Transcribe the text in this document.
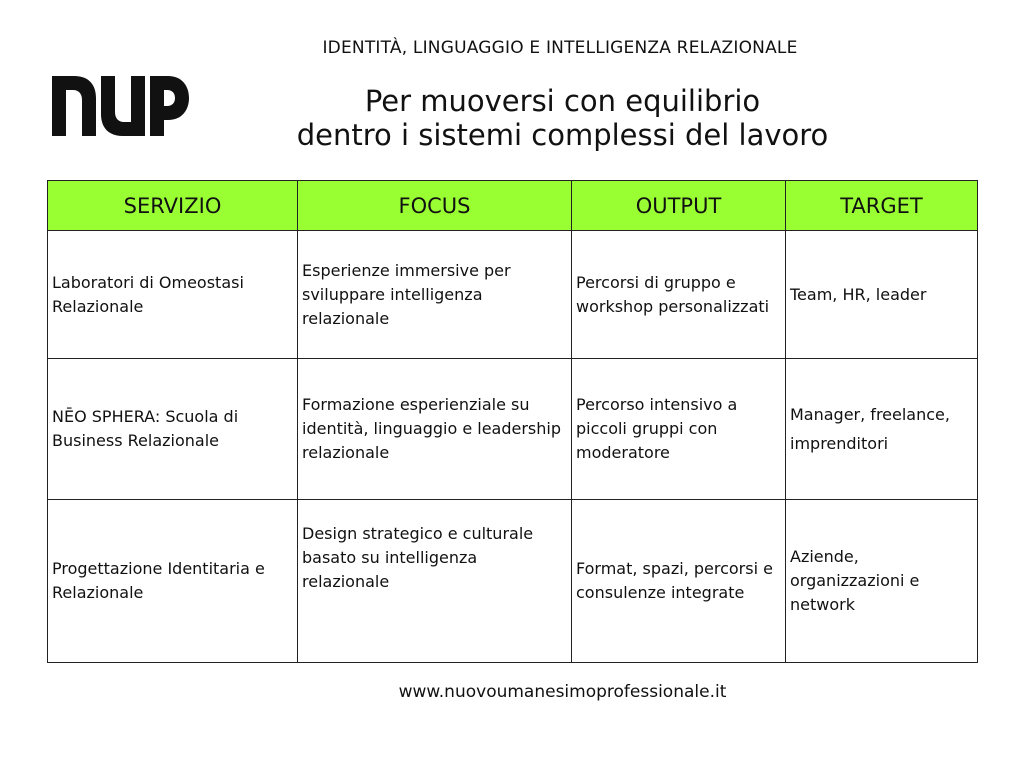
IDENTITÀ, LINGUAGGIO E INTELLIGENZA RELAZIONALE
Per muoversi con equilibrio
dentro i sistemi complessi del lavoro
SERVIZIO	FOCUS	OUTPUT	TARGET
Laboratori di Omeostasi Relazionale	Esperienze immersive per sviluppare intelligenza relazionale	Percorsi di gruppo e workshop personalizzati	Team, HR, leader
NĒO SPHERA: Scuola di Business Relazionale	Formazione esperienziale su identità, linguaggio e leadership relazionale	Percorso intensivo a piccoli gruppi con moderatore	Manager, freelance, imprenditori
Progettazione Identitaria e Relazionale	Design strategico e culturale basato su intelligenza relazionale	Format, spazi, percorsi e consulenze integrate	Aziende, organizzazioni e network
www.nuovoumanesimoprofessionale.it
